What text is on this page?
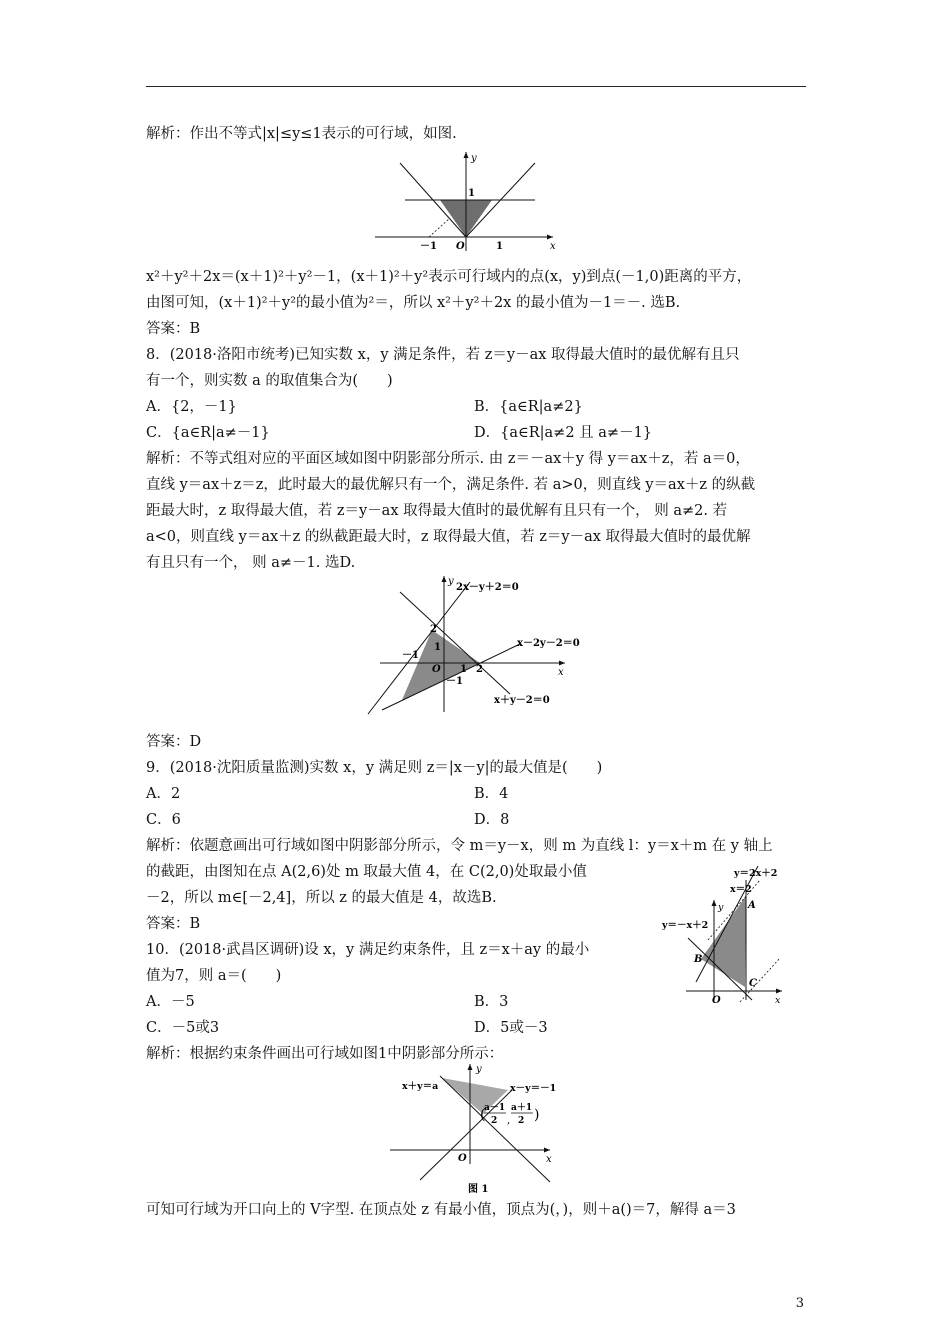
解析：作出不等式|x|≤y≤1表示的可行域，如图.
y
x
1
－1 O	1
x²＋y²＋2x＝(x＋1)²＋y²－1，(x＋1)²＋y²表示可行域内的点(x，y)到点(－1,0)距离的平方，
由图可知，(x＋1)²＋y²的最小值为²＝，所以 x²＋y²＋2x 的最小值为－1＝－. 选B.
答案：B
8．(2018·洛阳市统考)已知实数 x，y 满足条件，若 z＝y－ax 取得最大值时的最优解有且只
有一个，则实数 a 的取值集合为(　　)
A．{2，－1}	B．{a∈R|a≠2}
C．{a∈R|a≠－1}	D．{a∈R|a≠2 且 a≠－1}
解析：不等式组对应的平面区域如图中阴影部分所示. 由 z＝－ax＋y 得 y＝ax＋z，若 a＝0，
直线 y＝ax＋z＝z，此时最大的最优解只有一个，满足条件. 若 a>0，则直线 y＝ax＋z 的纵截
距最大时，z 取得最大值，若 z＝y－ax 取得最大值时的最优解有且只有一个， 则 a≠2. 若
a<0，则直线 y＝ax＋z 的纵截距最大时，z 取得最大值，若 z＝y－ax 取得最大值时的最优解
有且只有一个， 则 a≠－1. 选D.
y
x
2x－y＋2＝0
x－2y－2＝0
x＋y－2＝0
2
1
－1
O 1 2
－1
答案：D
9．(2018·沈阳质量监测)实数 x，y 满足则 z＝|x－y|的最大值是(　　)
A．2	B．4
C．6	D．8
解析：依题意画出可行域如图中阴影部分所示，令 m＝y－x，则 m 为直线 l：y＝x＋m 在 y 轴上
的截距，由图知在点 A(2,6)处 m 取最大值 4，在 C(2,0)处取最小值
－2，所以 m∈[－2,4]，所以 z 的最大值是 4，故选B.
答案：B
10．(2018·武昌区调研)设 x，y 满足约束条件，且 z＝x＋ay 的最小
值为7，则 a＝(　　)
A．－5	B．3
C．－5或3	D．5或－3
y＝2x＋2
x＝2
y＝－x＋2
y
x
A
B
C
O
解析：根据约束条件画出可行域如图1中阴影部分所示：
y
x
x＋y＝a	x－y＝－1
a－1 a＋1
( , )
2 2
O
图 1
可知可行域为开口向上的 V字型. 在顶点处 z 有最小值，顶点为(，)，则＋a()＝7，解得 a＝3
3
